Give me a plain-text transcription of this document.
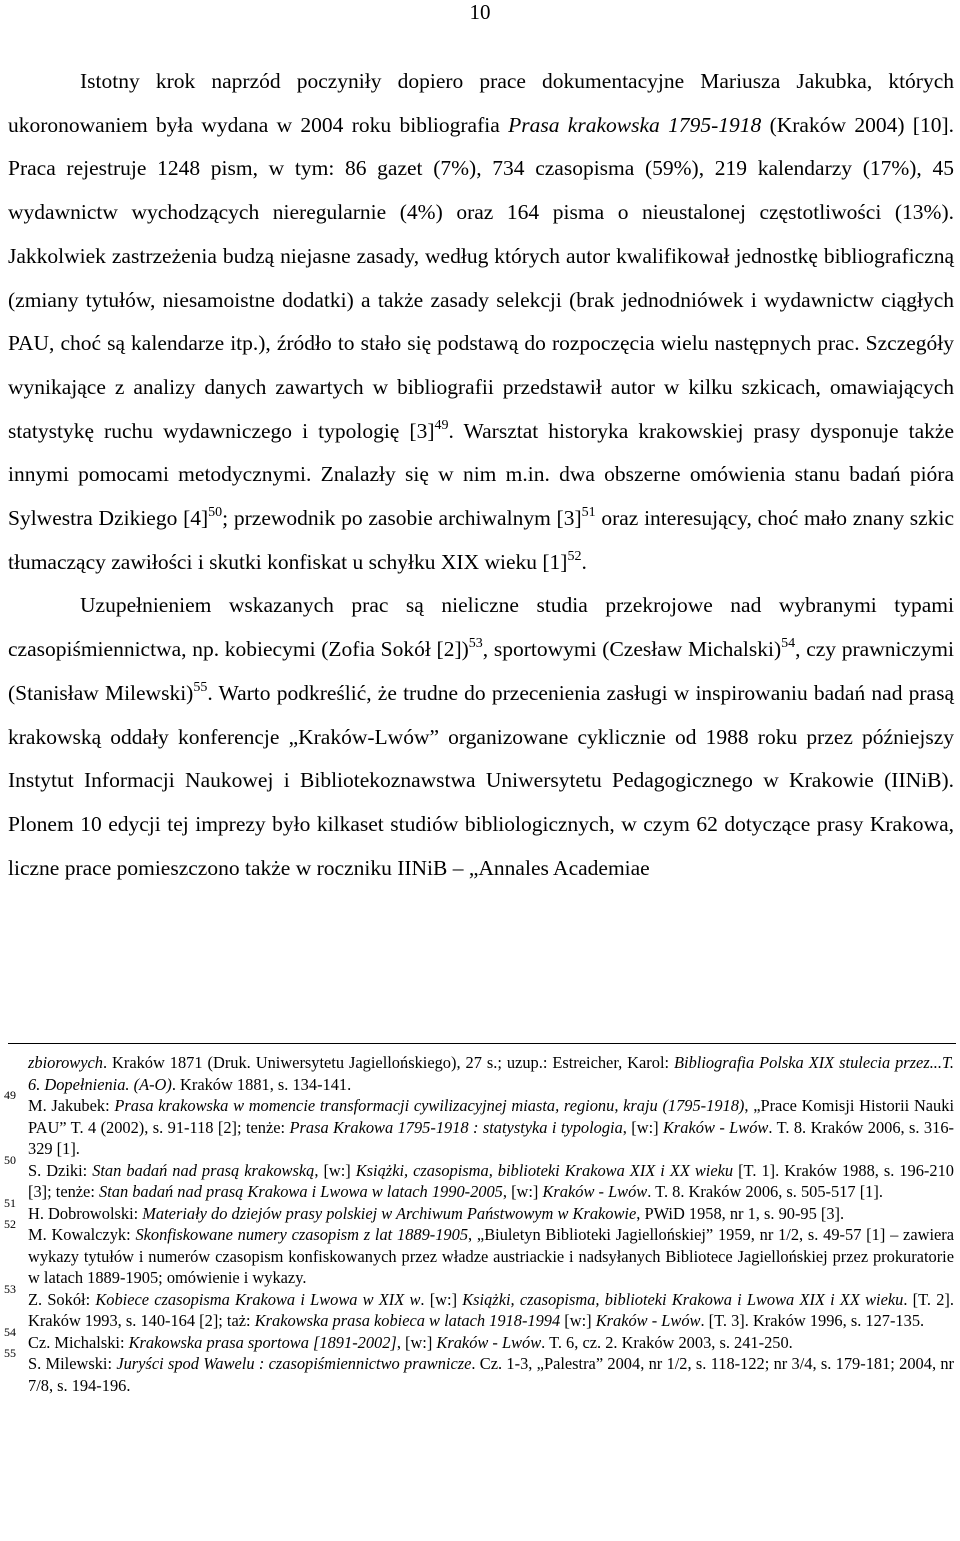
10

Istotny krok naprzód poczyniły dopiero prace dokumentacyjne Mariusza Jakubka, których ukoronowaniem była wydana w 2004 roku bibliografia Prasa krakowska 1795-1918 (Kraków 2004) [10]. Praca rejestruje 1248 pism, w tym: 86 gazet (7%), 734 czasopisma (59%), 219 kalendarzy (17%), 45 wydawnictw wychodzących nieregularnie (4%) oraz 164 pisma o nieustalonej częstotliwości (13%). Jakkolwiek zastrzeżenia budzą niejasne zasady, według których autor kwalifikował jednostkę bibliograficzną (zmiany tytułów, niesamoistne dodatki) a także zasady selekcji (brak jednodniówek i wydawnictw ciągłych PAU, choć są kalendarze itp.), źródło to stało się podstawą do rozpoczęcia wielu następnych prac. Szczegóły wynikające z analizy danych zawartych w bibliografii przedstawił autor w kilku szkicach, omawiających statystykę ruchu wydawniczego i typologię $[3]^{49}$. Warsztat historyka krakowskiej prasy dysponuje także innymi pomocami metodycznymi. Znalazły się w nim m.in. dwa obszerne omówienia stanu badań pióra Sylwestra Dzikiego $[4]^{50}$; przewodnik po zasobie archiwalnym $[3]^{51}$ oraz interesujący, choć mało znany szkic tłumaczący zawiłości i skutki konfiskat u schyłku XIX wieku $[1]^{52}$.

Uzupełnieniem wskazanych prac są nieliczne studia przekrojowe nad wybranymi typami czasopiśmiennictwa, np. kobiecymi (Zofia Sokół [2])$^{53}$, sportowymi (Czesław Michalski)$^{54}$, czy prawniczymi (Stanisław Milewski)$^{55}$. Warto podkreślić, że trudne do przecenienia zasługi w inspirowaniu badań nad prasą krakowską oddały konferencje „Kraków-Lwów” organizowane cyklicznie od 1988 roku przez późniejszy Instytut Informacji Naukowej i Bibliotekoznawstwa Uniwersytetu Pedagogicznego w Krakowie (IINiB). Plonem 10 edycji tej imprezy było kilkaset studiów bibliologicznych, w czym 62 dotyczące prasy Krakowa, liczne prace pomieszczono także w roczniku IINiB – „Annales Academiae

zbiorowych. Kraków 1871 (Druk. Uniwersytetu Jagiellońskiego), 27 s.; uzup.: Estreicher, Karol: Bibliografia Polska XIX stulecia przez...T. 6. Dopełnienia. (A-O). Kraków 1881, s. 134-141.
49
M. Jakubek: Prasa krakowska w momencie transformacji cywilizacyjnej miasta, regionu, kraju (1795-1918), „Prace Komisji Historii Nauki PAU” T. 4 (2002), s. 91-118 [2]; tenże: Prasa Krakowa 1795-1918 : statystyka i typologia, [w:] Kraków - Lwów. T. 8. Kraków 2006, s. 316-329 [1].
50
S. Dziki: Stan badań nad prasą krakowską, [w:] Książki, czasopisma, biblioteki Krakowa XIX i XX wieku [T. 1]. Kraków 1988, s. 196-210 [3]; tenże: Stan badań nad prasą Krakowa i Lwowa w latach 1990-2005, [w:] Kraków - Lwów. T. 8. Kraków 2006, s. 505-517 [1].
51
H. Dobrowolski: Materiały do dziejów prasy polskiej w Archiwum Państwowym w Krakowie, PWiD 1958, nr 1, s. 90-95 [3].
52
M. Kowalczyk: Skonfiskowane numery czasopism z lat 1889-1905, „Biuletyn Biblioteki Jagiellońskiej” 1959, nr 1/2, s. 49-57 [1] – zawiera wykazy tytułów i numerów czasopism konfiskowanych przez władze austriackie i nadsyłanych Bibliotece Jagiellońskiej przez prokuratorie w latach 1889-1905; omówienie i wykazy.
53
Z. Sokół: Kobiece czasopisma Krakowa i Lwowa w XIX w. [w:] Książki, czasopisma, biblioteki Krakowa i Lwowa XIX i XX wieku. [T. 2]. Kraków 1993, s. 140-164 [2]; taż: Krakowska prasa kobieca w latach 1918-1994 [w:] Kraków - Lwów. [T. 3]. Kraków 1996, s. 127-135.
54
Cz. Michalski: Krakowska prasa sportowa [1891-2002], [w:] Kraków - Lwów. T. 6, cz. 2. Kraków 2003, s. 241-250.
55
S. Milewski: Juryści spod Wawelu : czasopiśmiennictwo prawnicze. Cz. 1-3, „Palestra” 2004, nr 1/2, s. 118-122; nr 3/4, s. 179-181; 2004, nr 7/8, s. 194-196.
